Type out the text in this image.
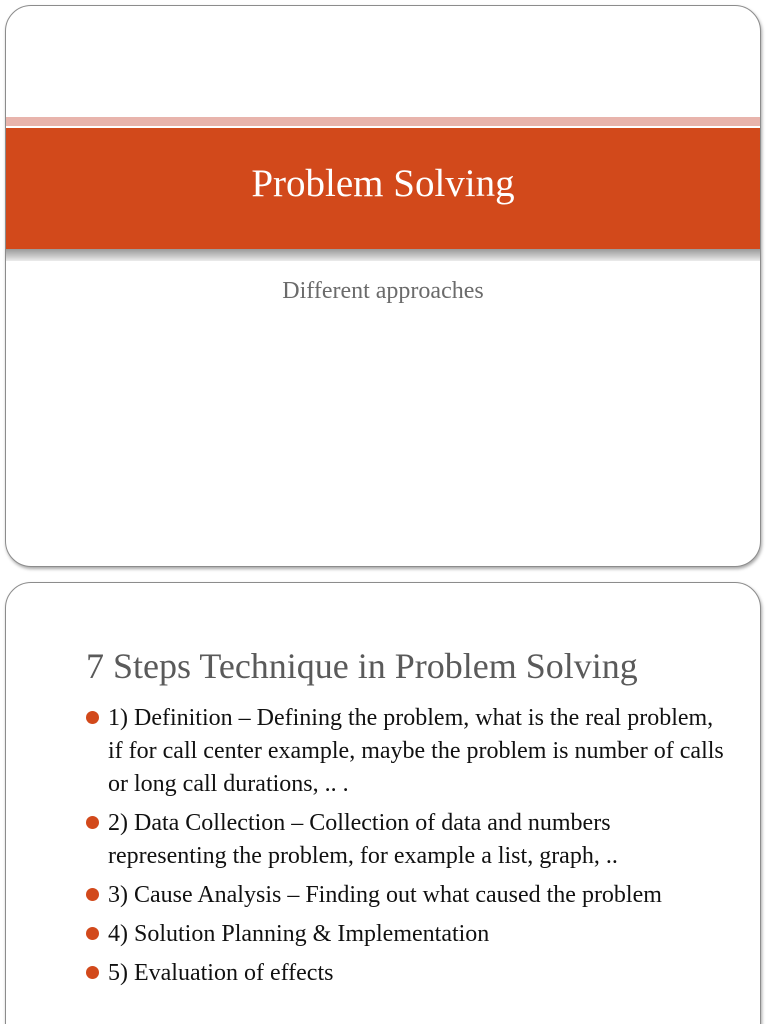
Problem Solving
Different approaches
7 Steps Technique in Problem Solving
1) Definition – Defining the problem, what is the real problem, if for call center example, maybe the problem is number of calls or long call durations, .. .
2) Data Collection – Collection of data and numbers representing the problem, for example a list, graph, ..
3) Cause Analysis – Finding out what caused the problem
4) Solution Planning & Implementation
5) Evaluation of effects
